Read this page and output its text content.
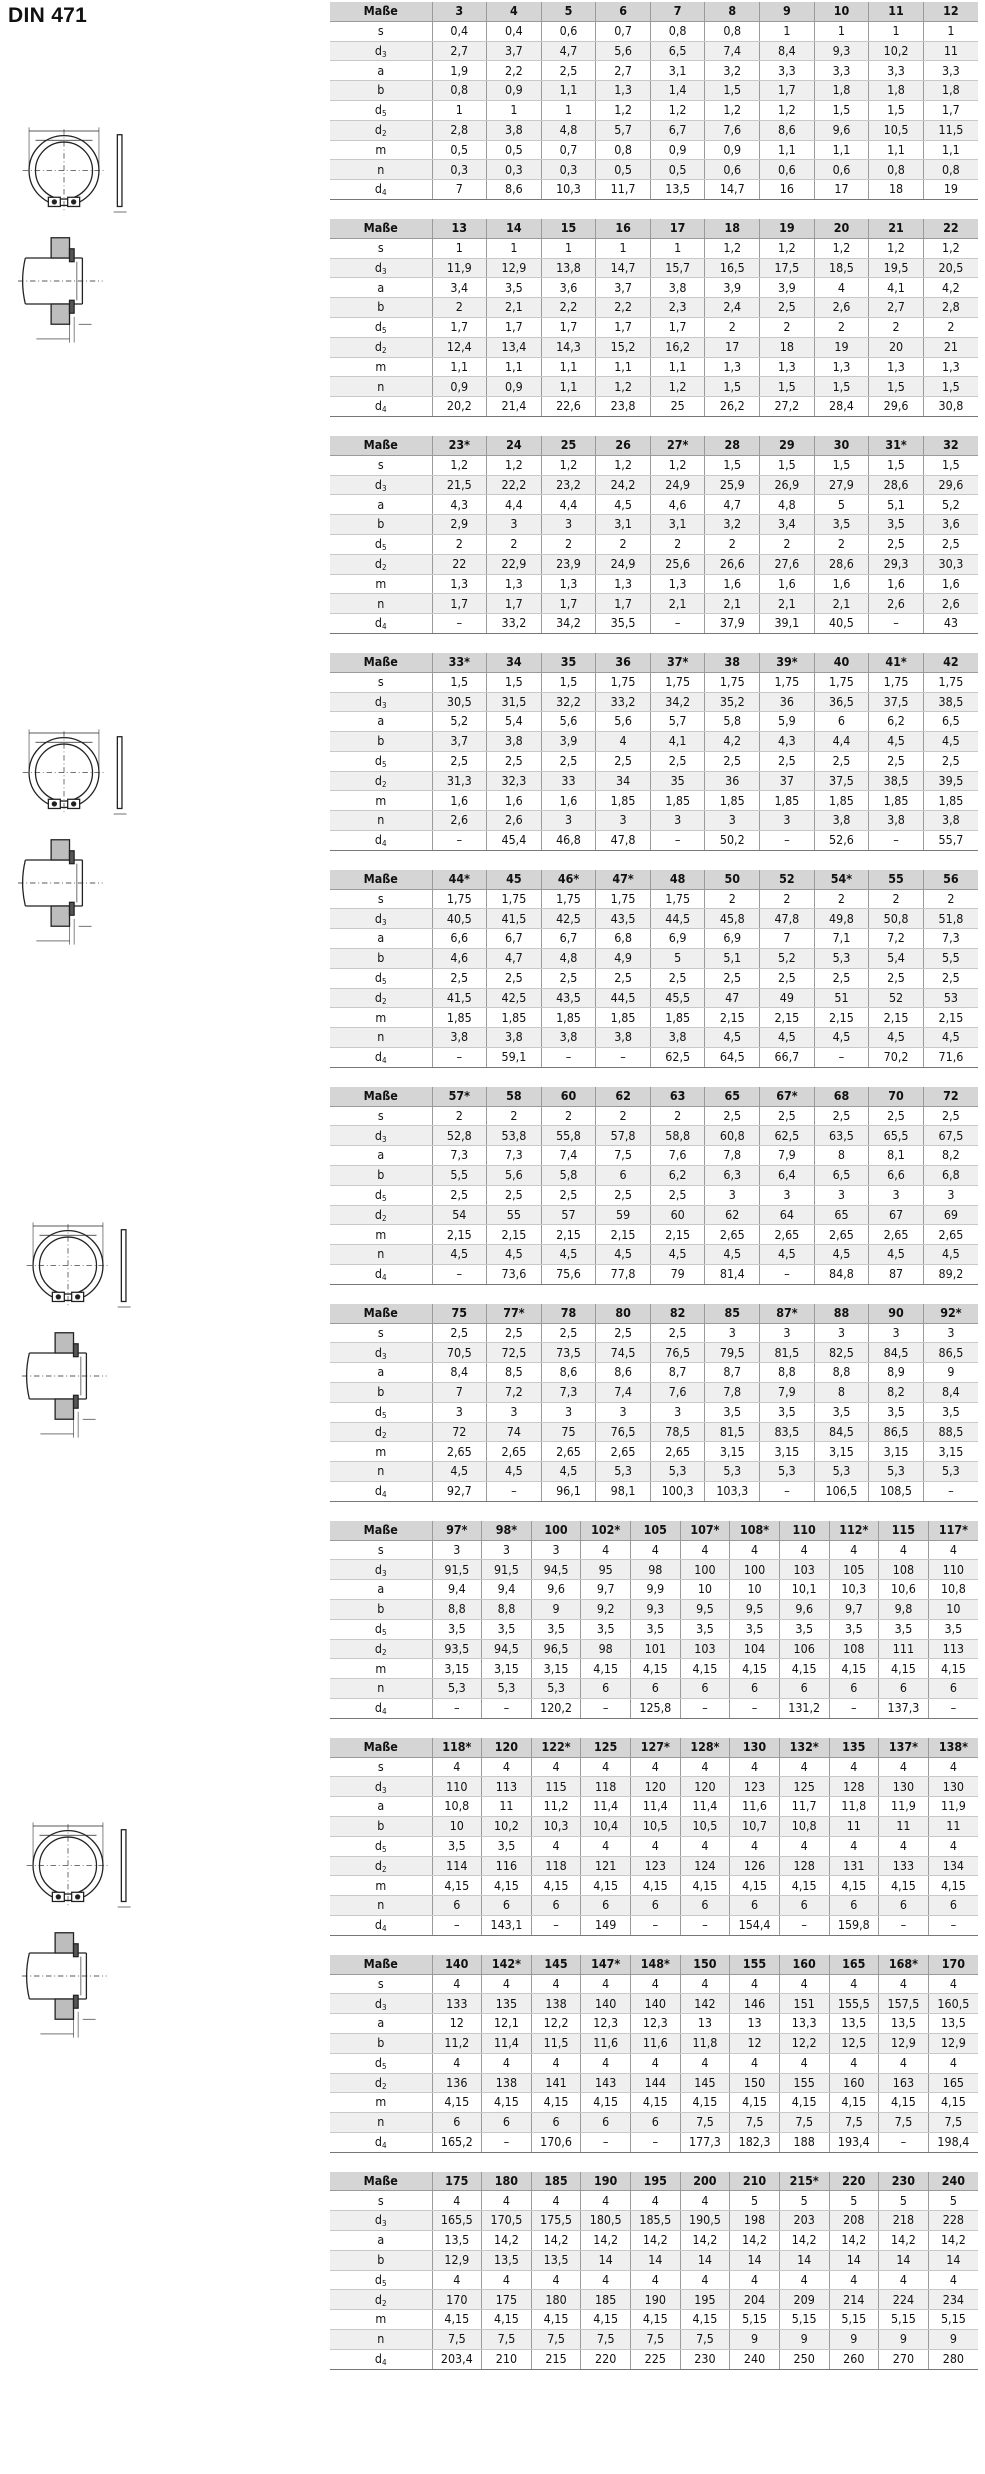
DIN 471	Maße	3	4	5	6	7	8	9	10	11	12
s	0,4	0,4	0,6	0,7	0,8	0,8	1	1	1	1
$d_3$	2,7	3,7	4,7	5,6	6,5	7,4	8,4	9,3	10,2	11
a	1,9	2,2	2,5	2,7	3,1	3,2	3,3	3,3	3,3	3,3
b	0,8	0,9	1,1	1,3	1,4	1,5	1,7	1,8	1,8	1,8
$d_5$	1	1	1	1,2	1,2	1,2	1,2	1,5	1,5	1,7
$d_2$	2,8	3,8	4,8	5,7	6,7	7,6	8,6	9,6	10,5	11,5
m	0,5	0,5	0,7	0,8	0,9	0,9	1,1	1,1	1,1	1,1
n	0,3	0,3	0,3	0,5	0,5	0,6	0,6	0,6	0,8	0,8
$d_4$	7	8,6	10,3	11,7	13,5	14,7	16	17	18	19
Maße	13	14	15	16	17	18	19	20	21	22
s	1	1	1	1	1	1,2	1,2	1,2	1,2	1,2
$d_3$	11,9	12,9	13,8	14,7	15,7	16,5	17,5	18,5	19,5	20,5
a	3,4	3,5	3,6	3,7	3,8	3,9	3,9	4	4,1	4,2
b	2	2,1	2,2	2,2	2,3	2,4	2,5	2,6	2,7	2,8
$d_5$	1,7	1,7	1,7	1,7	1,7	2	2	2	2	2
$d_2$	12,4	13,4	14,3	15,2	16,2	17	18	19	20	21
m	1,1	1,1	1,1	1,1	1,1	1,3	1,3	1,3	1,3	1,3
n	0,9	0,9	1,1	1,2	1,2	1,5	1,5	1,5	1,5	1,5
$d_4$	20,2	21,4	22,6	23,8	25	26,2	27,2	28,4	29,6	30,8
Maße	23*	24	25	26	27*	28	29	30	31*	32
s	1,2	1,2	1,2	1,2	1,2	1,5	1,5	1,5	1,5	1,5
$d_3$	21,5	22,2	23,2	24,2	24,9	25,9	26,9	27,9	28,6	29,6
a	4,3	4,4	4,4	4,5	4,6	4,7	4,8	5	5,1	5,2
b	2,9	3	3	3,1	3,1	3,2	3,4	3,5	3,5	3,6
$d_5$	2	2	2	2	2	2	2	2	2,5	2,5
$d_2$	22	22,9	23,9	24,9	25,6	26,6	27,6	28,6	29,3	30,3
m	1,3	1,3	1,3	1,3	1,3	1,6	1,6	1,6	1,6	1,6
n	1,7	1,7	1,7	1,7	2,1	2,1	2,1	2,1	2,6	2,6
$d_4$	–	33,2	34,2	35,5	–	37,9	39,1	40,5	–	43
Maße	33*	34	35	36	37*	38	39*	40	41*	42
s	1,5	1,5	1,5	1,75	1,75	1,75	1,75	1,75	1,75	1,75
$d_3$	30,5	31,5	32,2	33,2	34,2	35,2	36	36,5	37,5	38,5
a	5,2	5,4	5,6	5,6	5,7	5,8	5,9	6	6,2	6,5
b	3,7	3,8	3,9	4	4,1	4,2	4,3	4,4	4,5	4,5
$d_5$	2,5	2,5	2,5	2,5	2,5	2,5	2,5	2,5	2,5	2,5
$d_2$	31,3	32,3	33	34	35	36	37	37,5	38,5	39,5
m	1,6	1,6	1,6	1,85	1,85	1,85	1,85	1,85	1,85	1,85
n	2,6	2,6	3	3	3	3	3	3,8	3,8	3,8
$d_4$	–	45,4	46,8	47,8	–	50,2	–	52,6	–	55,7
Maße	44*	45	46*	47*	48	50	52	54*	55	56
s	1,75	1,75	1,75	1,75	1,75	2	2	2	2	2
$d_3$	40,5	41,5	42,5	43,5	44,5	45,8	47,8	49,8	50,8	51,8
a	6,6	6,7	6,7	6,8	6,9	6,9	7	7,1	7,2	7,3
b	4,6	4,7	4,8	4,9	5	5,1	5,2	5,3	5,4	5,5
$d_5$	2,5	2,5	2,5	2,5	2,5	2,5	2,5	2,5	2,5	2,5
$d_2$	41,5	42,5	43,5	44,5	45,5	47	49	51	52	53
m	1,85	1,85	1,85	1,85	1,85	2,15	2,15	2,15	2,15	2,15
n	3,8	3,8	3,8	3,8	3,8	4,5	4,5	4,5	4,5	4,5
$d_4$	–	59,1	–	–	62,5	64,5	66,7	–	70,2	71,6
Maße	57*	58	60	62	63	65	67*	68	70	72
s	2	2	2	2	2	2,5	2,5	2,5	2,5	2,5
$d_3$	52,8	53,8	55,8	57,8	58,8	60,8	62,5	63,5	65,5	67,5
a	7,3	7,3	7,4	7,5	7,6	7,8	7,9	8	8,1	8,2
b	5,5	5,6	5,8	6	6,2	6,3	6,4	6,5	6,6	6,8
$d_5$	2,5	2,5	2,5	2,5	2,5	3	3	3	3	3
$d_2$	54	55	57	59	60	62	64	65	67	69
m	2,15	2,15	2,15	2,15	2,15	2,65	2,65	2,65	2,65	2,65
n	4,5	4,5	4,5	4,5	4,5	4,5	4,5	4,5	4,5	4,5
$d_4$	–	73,6	75,6	77,8	79	81,4	–	84,8	87	89,2
Maße	75	77*	78	80	82	85	87*	88	90	92*
s	2,5	2,5	2,5	2,5	2,5	3	3	3	3	3
$d_3$	70,5	72,5	73,5	74,5	76,5	79,5	81,5	82,5	84,5	86,5
a	8,4	8,5	8,6	8,6	8,7	8,7	8,8	8,8	8,9	9
b	7	7,2	7,3	7,4	7,6	7,8	7,9	8	8,2	8,4
$d_5$	3	3	3	3	3	3,5	3,5	3,5	3,5	3,5
$d_2$	72	74	75	76,5	78,5	81,5	83,5	84,5	86,5	88,5
m	2,65	2,65	2,65	2,65	2,65	3,15	3,15	3,15	3,15	3,15
n	4,5	4,5	4,5	5,3	5,3	5,3	5,3	5,3	5,3	5,3
$d_4$	92,7	–	96,1	98,1	100,3	103,3	–	106,5	108,5	–
Maße	97*	98*	100	102*	105	107*	108*	110	112*	115	117*
s	3	3	3	4	4	4	4	4	4	4	4
$d_3$	91,5	91,5	94,5	95	98	100	100	103	105	108	110
a	9,4	9,4	9,6	9,7	9,9	10	10	10,1	10,3	10,6	10,8
b	8,8	8,8	9	9,2	9,3	9,5	9,5	9,6	9,7	9,8	10
$d_5$	3,5	3,5	3,5	3,5	3,5	3,5	3,5	3,5	3,5	3,5	3,5
$d_2$	93,5	94,5	96,5	98	101	103	104	106	108	111	113
m	3,15	3,15	3,15	4,15	4,15	4,15	4,15	4,15	4,15	4,15	4,15
n	5,3	5,3	5,3	6	6	6	6	6	6	6	6
$d_4$	–	–	120,2	–	125,8	–	–	131,2	–	137,3	–
Maße	118*	120	122*	125	127*	128*	130	132*	135	137*	138*
s	4	4	4	4	4	4	4	4	4	4	4
$d_3$	110	113	115	118	120	120	123	125	128	130	130
a	10,8	11	11,2	11,4	11,4	11,4	11,6	11,7	11,8	11,9	11,9
b	10	10,2	10,3	10,4	10,5	10,5	10,7	10,8	11	11	11
$d_5$	3,5	3,5	4	4	4	4	4	4	4	4	4
$d_2$	114	116	118	121	123	124	126	128	131	133	134
m	4,15	4,15	4,15	4,15	4,15	4,15	4,15	4,15	4,15	4,15	4,15
n	6	6	6	6	6	6	6	6	6	6	6
$d_4$	–	143,1	–	149	–	–	154,4	–	159,8	–	–
Maße	140	142*	145	147*	148*	150	155	160	165	168*	170
s	4	4	4	4	4	4	4	4	4	4	4
$d_3$	133	135	138	140	140	142	146	151	155,5	157,5	160,5
a	12	12,1	12,2	12,3	12,3	13	13	13,3	13,5	13,5	13,5
b	11,2	11,4	11,5	11,6	11,6	11,8	12	12,2	12,5	12,9	12,9
$d_5$	4	4	4	4	4	4	4	4	4	4	4
$d_2$	136	138	141	143	144	145	150	155	160	163	165
m	4,15	4,15	4,15	4,15	4,15	4,15	4,15	4,15	4,15	4,15	4,15
n	6	6	6	6	6	7,5	7,5	7,5	7,5	7,5	7,5
$d_4$	165,2	–	170,6	–	–	177,3	182,3	188	193,4	–	198,4
Maße	175	180	185	190	195	200	210	215*	220	230	240
s	4	4	4	4	4	4	5	5	5	5	5
$d_3$	165,5	170,5	175,5	180,5	185,5	190,5	198	203	208	218	228
a	13,5	14,2	14,2	14,2	14,2	14,2	14,2	14,2	14,2	14,2	14,2
b	12,9	13,5	13,5	14	14	14	14	14	14	14	14
$d_5$	4	4	4	4	4	4	4	4	4	4	4
$d_2$	170	175	180	185	190	195	204	209	214	224	234
m	4,15	4,15	4,15	4,15	4,15	4,15	5,15	5,15	5,15	5,15	5,15
n	7,5	7,5	7,5	7,5	7,5	7,5	9	9	9	9	9
$d_4$	203,4	210	215	220	225	230	240	250	260	270	280
